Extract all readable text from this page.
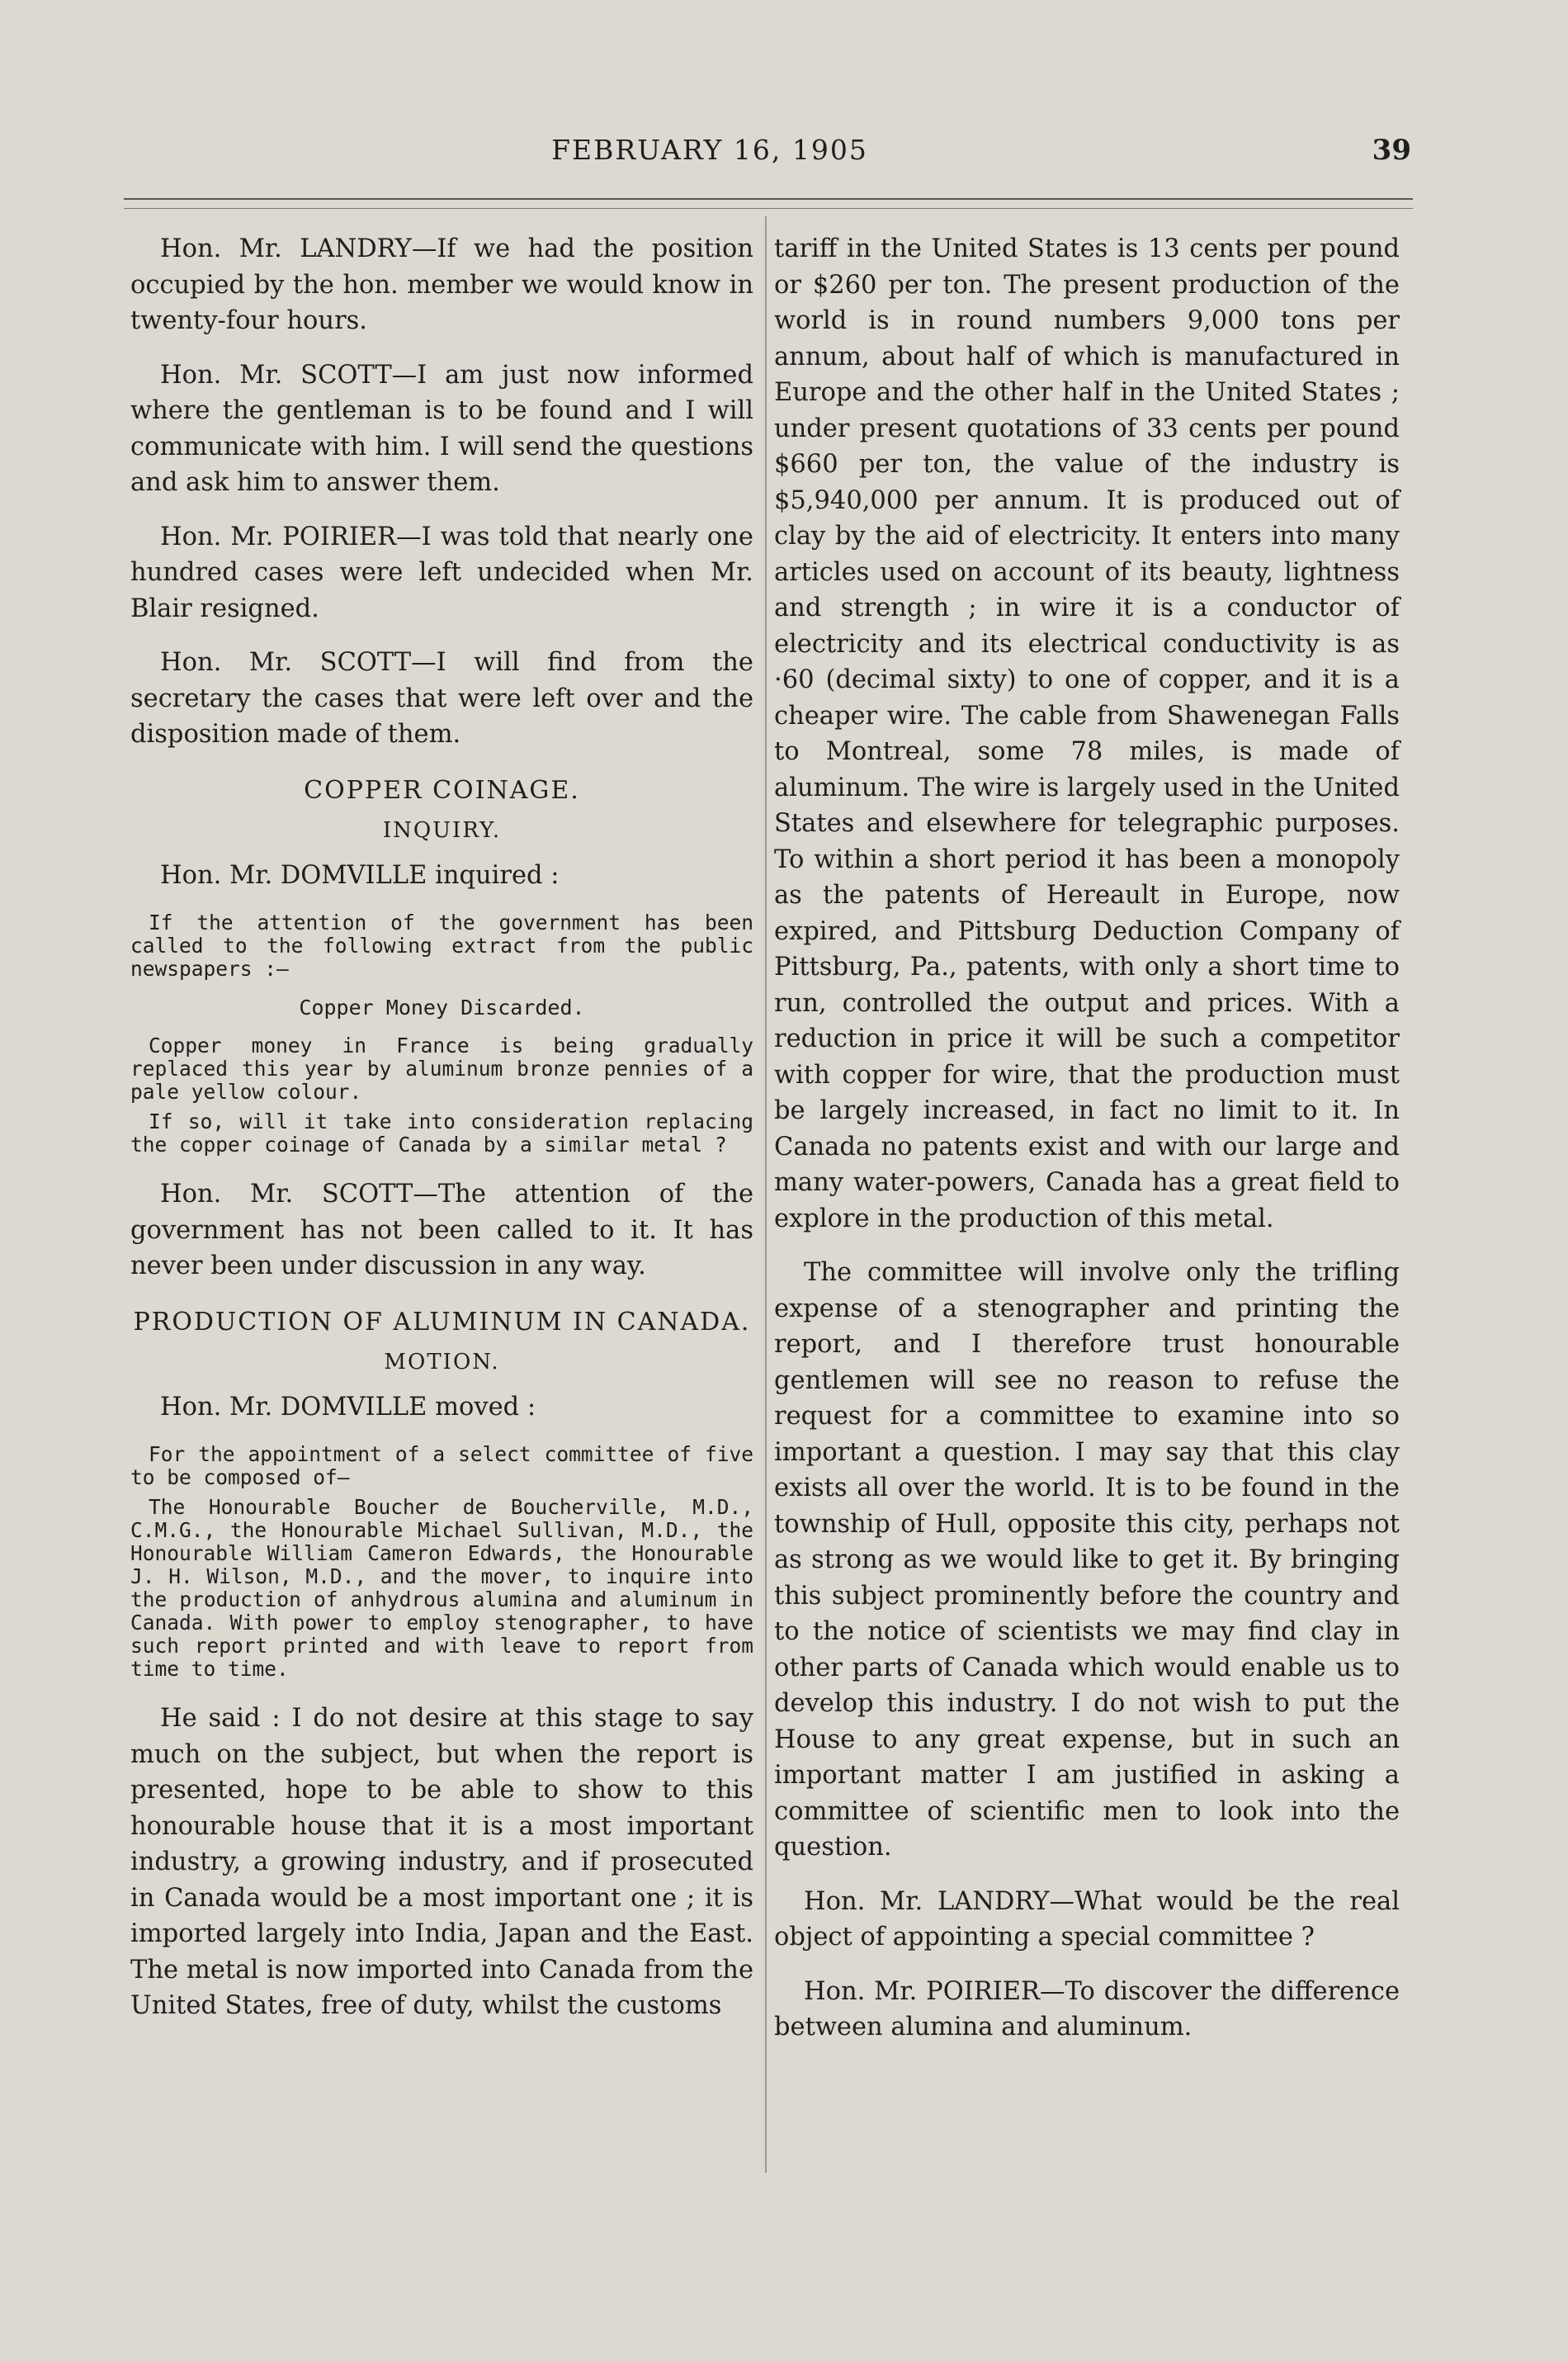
FEBRUARY 16, 1905	39

Hon. Mr. LANDRY—If we had the position occupied by the hon. member we would know in twenty-four hours.

Hon. Mr. SCOTT—I am just now informed where the gentleman is to be found and I will communicate with him. I will send the questions and ask him to answer them.

Hon. Mr. POIRIER—I was told that nearly one hundred cases were left undecided when Mr. Blair resigned.

Hon. Mr. SCOTT—I will find from the secretary the cases that were left over and the disposition made of them.

COPPER COINAGE.
INQUIRY.

Hon. Mr. DOMVILLE inquired :

If the attention of the government has been called to the following extract from the public newspapers :—

Copper Money Discarded.

Copper money in France is being gradually replaced this year by aluminum bronze pennies of a pale yellow colour.

If so, will it take into consideration replacing the copper coinage of Canada by a similar metal ?

Hon. Mr. SCOTT—The attention of the government has not been called to it. It has never been under discussion in any way.

PRODUCTION OF ALUMINUM IN CANADA.
MOTION.

Hon. Mr. DOMVILLE moved :

For the appointment of a select committee of five to be composed of—

The Honourable Boucher de Boucherville, M.D., C.M.G., the Honourable Michael Sullivan, M.D., the Honourable William Cameron Edwards, the Honourable J. H. Wilson, M.D., and the mover, to inquire into the production of anhydrous alumina and aluminum in Canada. With power to employ stenographer, to have such report printed and with leave to report from time to time.

He said : I do not desire at this stage to say much on the subject, but when the report is presented, hope to be able to show to this honourable house that it is a most important industry, a growing industry, and if prosecuted in Canada would be a most important one ; it is imported largely into India, Japan and the East. The metal is now imported into Canada from the United States, free of duty, whilst the customs

tariff in the United States is 13 cents per pound or $260 per ton. The present production of the world is in round numbers 9,000 tons per annum, about half of which is manufactured in Europe and the other half in the United States ; under present quotations of 33 cents per pound $660 per ton, the value of the industry is $5,940,000 per annum. It is produced out of clay by the aid of electricity. It enters into many articles used on account of its beauty, lightness and strength ; in wire it is a conductor of electricity and its electrical conductivity is as ·60 (decimal sixty) to one of copper, and it is a cheaper wire. The cable from Shawenegan Falls to Montreal, some 78 miles, is made of aluminum. The wire is largely used in the United States and elsewhere for telegraphic purposes. To within a short period it has been a monopoly as the patents of Hereault in Europe, now expired, and Pittsburg Deduction Company of Pittsburg, Pa., patents, with only a short time to run, controlled the output and prices. With a reduction in price it will be such a competitor with copper for wire, that the production must be largely increased, in fact no limit to it. In Canada no patents exist and with our large and many water-powers, Canada has a great field to explore in the production of this metal.

The committee will involve only the trifling expense of a stenographer and printing the report, and I therefore trust honourable gentlemen will see no reason to refuse the request for a committee to examine into so important a question. I may say that this clay exists all over the world. It is to be found in the township of Hull, opposite this city, perhaps not as strong as we would like to get it. By bringing this subject prominently before the country and to the notice of scientists we may find clay in other parts of Canada which would enable us to develop this industry. I do not wish to put the House to any great expense, but in such an important matter I am justified in asking a committee of scientific men to look into the question.

Hon. Mr. LANDRY—What would be the real object of appointing a special committee ?

Hon. Mr. POIRIER—To discover the difference between alumina and aluminum.
